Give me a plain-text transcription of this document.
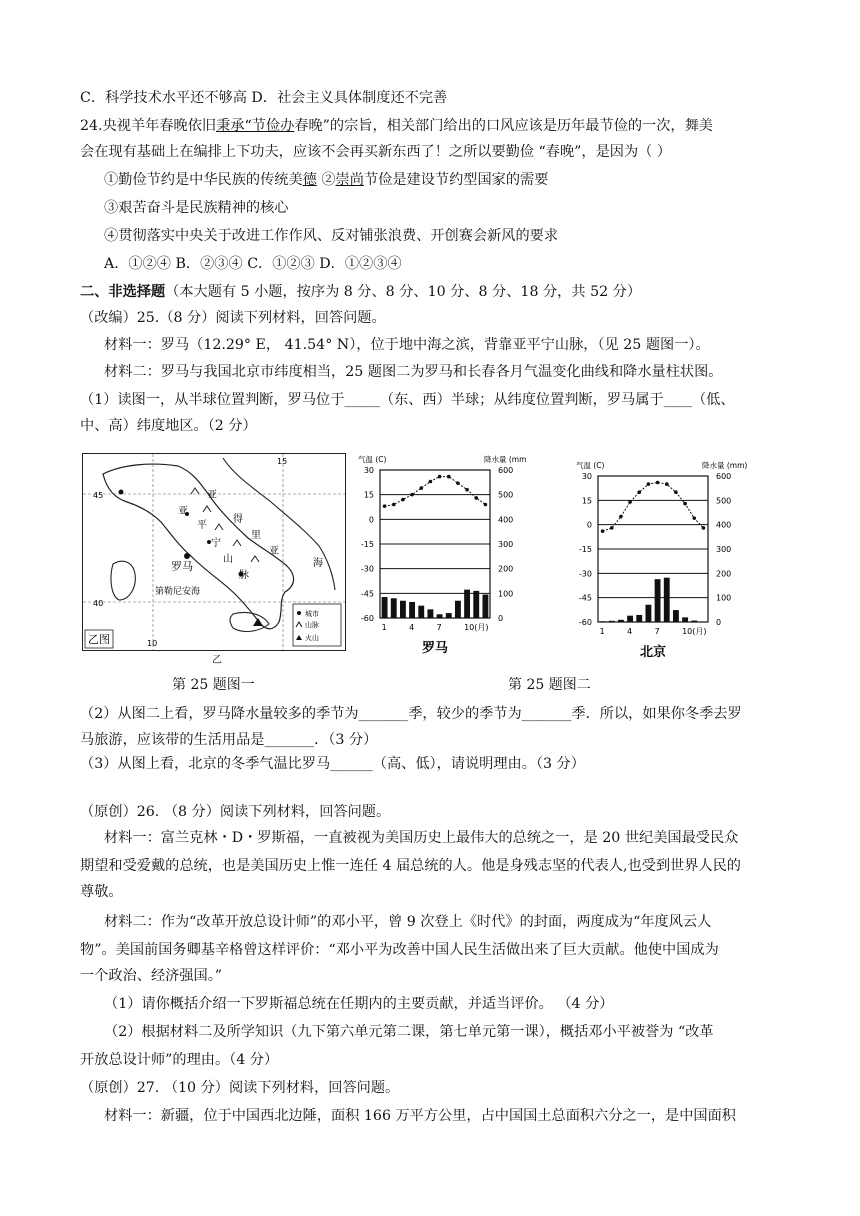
C．科学技术水平还不够高 D．社会主义具体制度还不完善
24.央视羊年春晚依旧秉承“节俭办春晚”的宗旨，相关部门给出的口风应该是历年最节俭的一次，舞美
会在现有基础上在编排上下功夫，应该不会再买新东西了！之所以要勤俭 “春晚”，是因为（ ）
①勤俭节约是中华民族的传统美德 ②崇尚节俭是建设节约型国家的需要
③艰苦奋斗是民族精神的核心
④贯彻落实中央关于改进工作作风、反对铺张浪费、开创赛会新风的要求
A．①②④ B．②③④ C．①②③ D．①②③④
二、非选择题（本大题有 5 小题，按序为 8 分、8 分、10 分、8 分、18 分，共 52 分）
（改编）25.（8 分）阅读下列材料，回答问题。
材料一：罗马（12.29° E， 41.54° N），位于地中海之滨，背靠亚平宁山脉，（见 25 题图一）。
材料二：罗马与我国北京市纬度相当，25 题图二为罗马和长春各月气温变化曲线和降水量柱状图。
（1）读图一，从半球位置判断，罗马位于_____（东、西）半球；从纬度位置判断，罗马属于____（低、
中、高）纬度地区。（2 分）
45
40
10
15
亚
亚
得
里
亚
平
宁
山
脉
海
罗马
第勒尼安海
城市
山脉
火山
乙图
乙
30
15
0
-15
-30
-45
-60
600
500
400
300
200
100
0
气温 (C)	降水量 (mm)
1	4	7	10(月)
罗马
30
15
0
-15
-30
-45
-60
600
500
400
300
200
100
0
气温 (C)	降水量 (mm)
1	4	7	10(月)
北京
第 25 题图一	第 25 题图二
（2）从图二上看，罗马降水量较多的季节为_______季，较少的季节为_______季．所以，如果你冬季去罗
马旅游，应该带的生活用品是_______．（3 分）
（3）从图上看，北京的冬季气温比罗马______（高、低），请说明理由。（3 分）
（原创）26. （8 分）阅读下列材料，回答问题。
材料一：富兰克林・D・罗斯福，一直被视为美国历史上最伟大的总统之一，是 20 世纪美国最受民众
期望和受爱戴的总统，也是美国历史上惟一连任 4 届总统的人。他是身残志坚的代表人,也受到世界人民的
尊敬。
材料二：作为“改革开放总设计师”的邓小平，曾 9 次登上《时代》的封面，两度成为“年度风云人
物”。美国前国务卿基辛格曾这样评价：“邓小平为改善中国人民生活做出来了巨大贡献。他使中国成为
一个政治、经济强国。”
（1）请你概括介绍一下罗斯福总统在任期内的主要贡献，并适当评价。 （4 分）
（2）根据材料二及所学知识（九下第六单元第二课，第七单元第一课），概括邓小平被誉为 “改革
开放总设计师”的理由。（4 分）
（原创）27. （10 分）阅读下列材料，回答问题。
材料一：新疆，位于中国西北边陲，面积 166 万平方公里，占中国国土总面积六分之一，是中国面积
